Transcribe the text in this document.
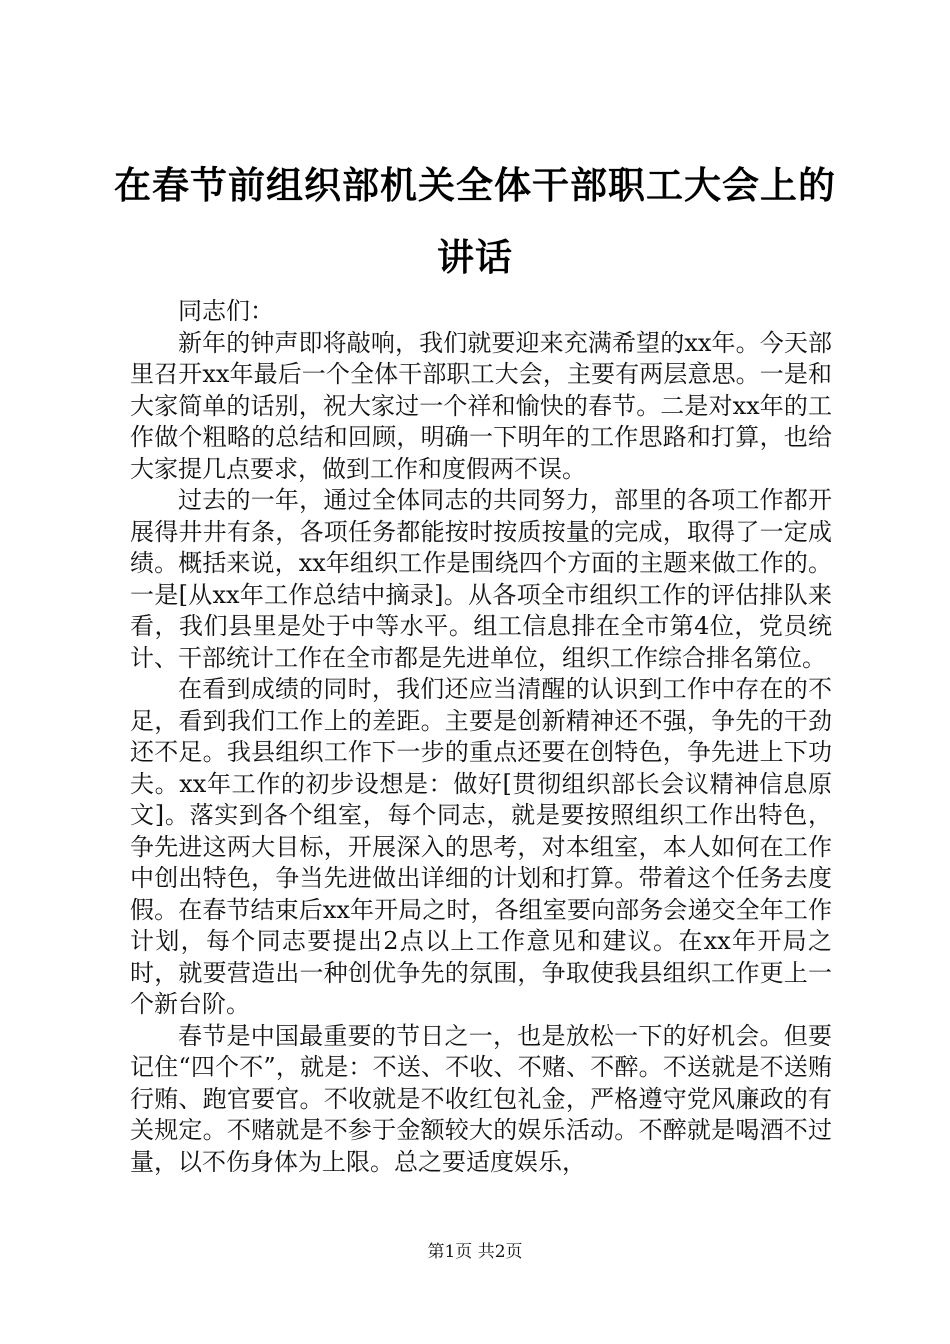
在春节前组织部机关全体干部职工大会上的讲话

同志们：

新年的钟声即将敲响，我们就要迎来充满希望的xx年。今天部里召开xx年最后一个全体干部职工大会，主要有两层意思。一是和大家简单的话别，祝大家过一个祥和愉快的春节。二是对xx年的工作做个粗略的总结和回顾，明确一下明年的工作思路和打算，也给大家提几点要求，做到工作和度假两不误。

过去的一年，通过全体同志的共同努力，部里的各项工作都开展得井井有条，各项任务都能按时按质按量的完成，取得了一定成绩。概括来说，xx年组织工作是围绕四个方面的主题来做工作的。一是[从xx年工作总结中摘录]。从各项全市组织工作的评估排队来看，我们县里是处于中等水平。组工信息排在全市第4位，党员统计、干部统计工作在全市都是先进单位，组织工作综合排名第位。

在看到成绩的同时，我们还应当清醒的认识到工作中存在的不足，看到我们工作上的差距。主要是创新精神还不强，争先的干劲还不足。我县组织工作下一步的重点还要在创特色，争先进上下功夫。xx年工作的初步设想是：做好[贯彻组织部长会议精神信息原文]。落实到各个组室，每个同志，就是要按照组织工作出特色，争先进这两大目标，开展深入的思考，对本组室，本人如何在工作中创出特色，争当先进做出详细的计划和打算。带着这个任务去度假。在春节结束后xx年开局之时，各组室要向部务会递交全年工作计划，每个同志要提出2点以上工作意见和建议。在xx年开局之时，就要营造出一种创优争先的氛围，争取使我县组织工作更上一个新台阶。

春节是中国最重要的节日之一，也是放松一下的好机会。但要记住“四个不”，就是：不送、不收、不赌、不醉。不送就是不送贿行贿、跑官要官。不收就是不收红包礼金，严格遵守党风廉政的有关规定。不赌就是不参于金额较大的娱乐活动。不醉就是喝酒不过量，以不伤身体为上限。总之要适度娱乐，

第1页 共2页
